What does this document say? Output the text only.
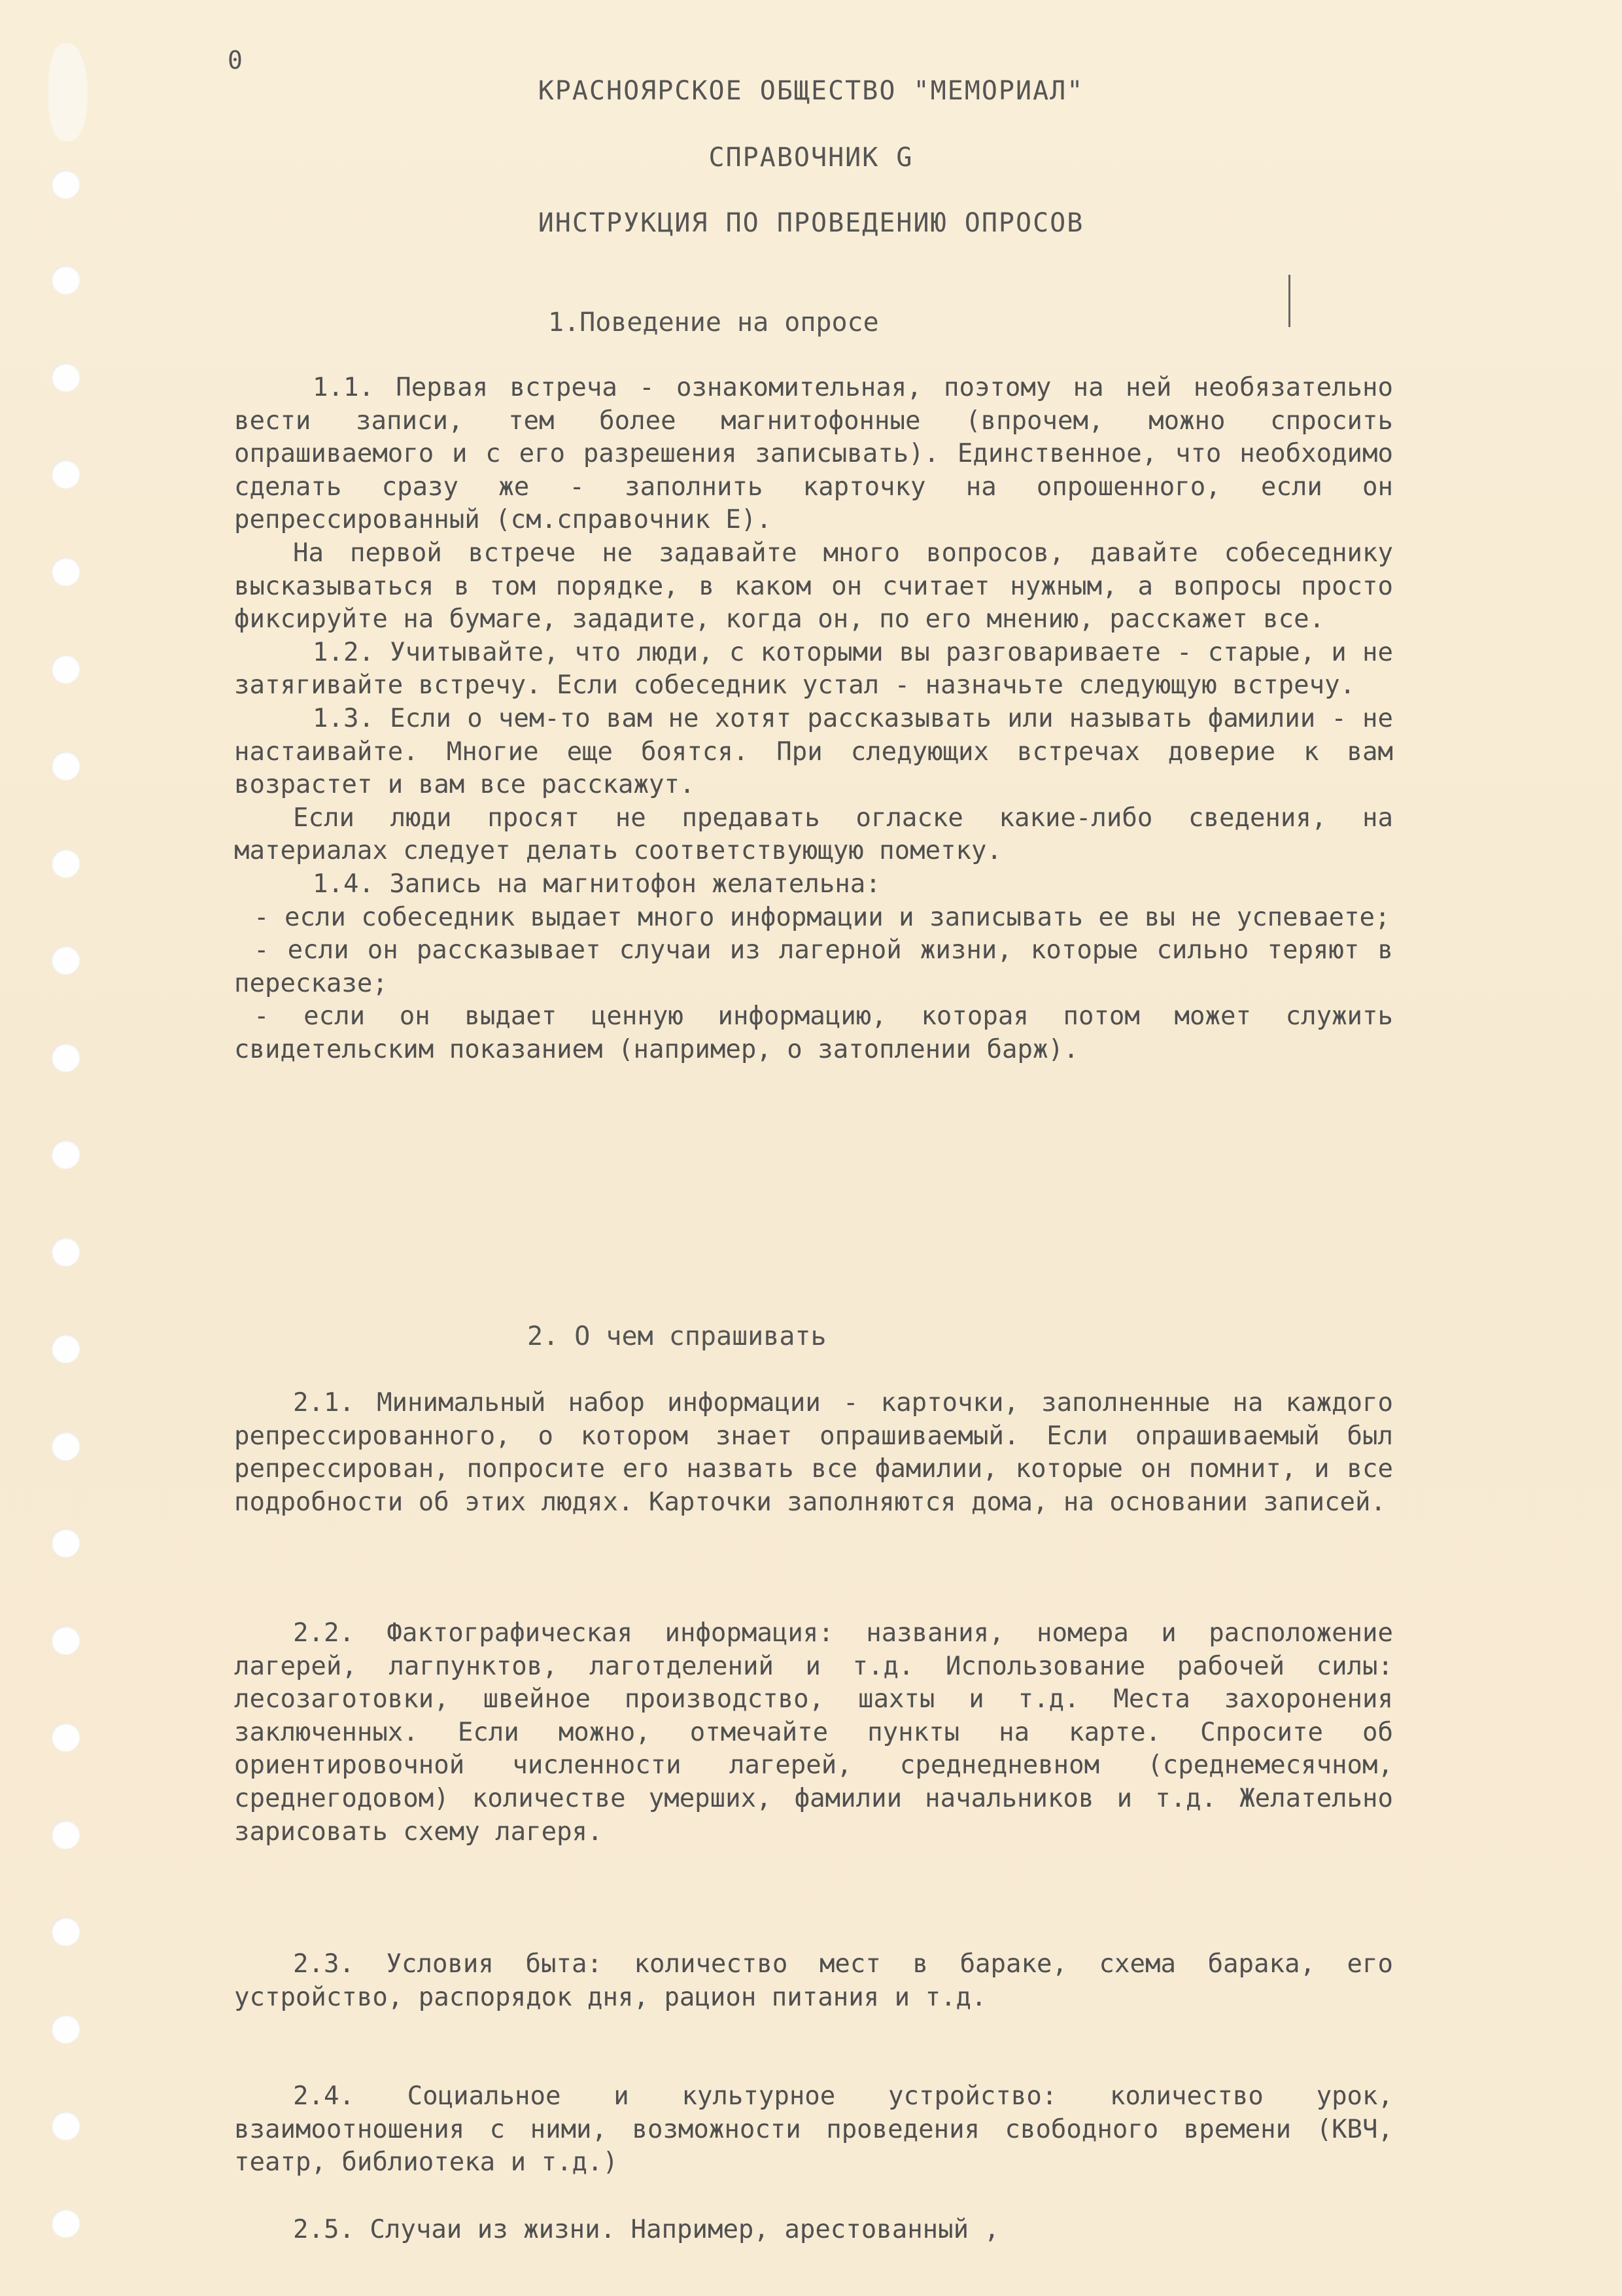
0
КРАСНОЯРСКОЕ ОБЩЕСТВО "МЕМОРИАЛ"
СПРАВОЧНИК G
ИНСТРУКЦИЯ ПО ПРОВЕДЕНИЮ ОПРОСОВ
1.Поведение на опросе

1.1. Первая встреча - ознакомительная, поэтому на ней необязательно вести записи, тем более магнитофонные (впрочем, можно спросить опрашиваемого и с его разрешения записывать). Единственное, что необходимо сделать сразу же - заполнить карточку на опрошенного, если он репрессированный (см.справочник Е).

На первой встрече не задавайте много вопросов, давайте собеседнику высказываться в том порядке, в каком он считает нужным, а вопросы просто фиксируйте на бумаге, зададите, когда он, по его мнению, расскажет все.

1.2. Учитывайте, что люди, с которыми вы разговариваете - старые, и не затягивайте встречу. Если собеседник устал - назначьте следующую встречу.

1.3. Если о чем-то вам не хотят рассказывать или называть фамилии - не настаивайте. Многие еще боятся. При следующих встречах доверие к вам возрастет и вам все расскажут.

Если люди просят не предавать огласке какие-либо сведения, на материалах следует делать соответствующую пометку.

1.4. Запись на магнитофон желательна:

- если собеседник выдает много информации и записывать ее вы не успеваете;

- если он рассказывает случаи из лагерной жизни, которые сильно теряют в пересказе;

- если он выдает ценную информацию, которая потом может служить свидетельским показанием (например, о затоплении барж).

2. О чем спрашивать

2.1. Минимальный набор информации - карточки, заполненные на каждого репрессированного, о котором знает опрашиваемый. Если опрашиваемый был репрессирован, попросите его назвать все фамилии, которые он помнит, и все подробности об этих людях. Карточки заполняются дома, на основании записей.

2.2. Фактографическая информация: названия, номера и расположение лагерей, лагпунктов, лаготделений и т.д. Использование рабочей силы: лесозаготовки, швейное производство, шахты и т.д. Места захоронения заключенных. Если можно, отмечайте пункты на карте. Спросите об ориентировочной численности лагерей, среднедневном (среднемесячном, среднегодовом) количестве умерших, фамилии начальников и т.д. Желательно зарисовать схему лагеря.

2.3. Условия быта: количество мест в бараке, схема барака, его устройство, распорядок дня, рацион питания и т.д.

2.4. Социальное и культурное устройство: количество урок, взаимоотношения с ними, возможности проведения свободного времени (КВЧ, театр, библиотека и т.д.)

2.5. Случаи из жизни. Например, арестованный ,
